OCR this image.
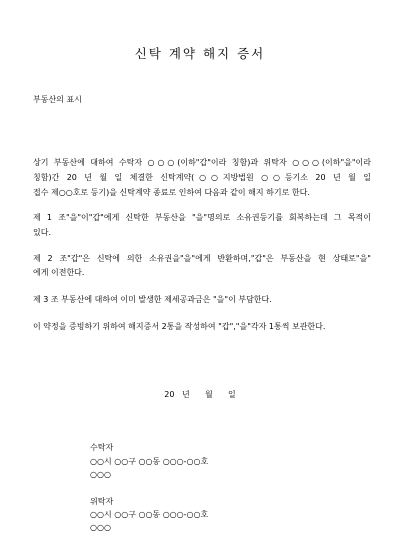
신탁 계약 해지 증서
부동산의 표시
상기 부동산에 대하여 수탁자 ○○○(이하"갑"이라 칭함)과 위탁자 ○○○(이하"을"이라
칭함)간 20 년 월 일 체결한 신탁계약(○○지방법원 ○○등기소 20 년 월 일
접수 제○○호로 등기)을 신탁계약 종료로 인하여 다음과 같이 해지 하기로 한다.
제 1 조"을"이"갑"에게 신탁한 부동산을 "을"명의로 소유권등기를 회복하는데 그 목적이
있다.
제 2 조"갑"은 신탁에 의한 소유권을"을"에게 반환하며,"갑"은 부동산을 현 상태로"을"
에게 이전한다.
제 3 조 부동산에 대하여 이미 발생한 제세공과금은 "을"이 부담한다.
이 약정을 증빙하기 위하여 해지증서 2통을 작성하여 "갑","을"각자 1통씩 보관한다.
20   년      월      일
수탁자
○○시 ○○구 ○○동 ○○○-○○호
○○○
위탁자
○○시 ○○구 ○○동 ○○○-○○호
○○○
